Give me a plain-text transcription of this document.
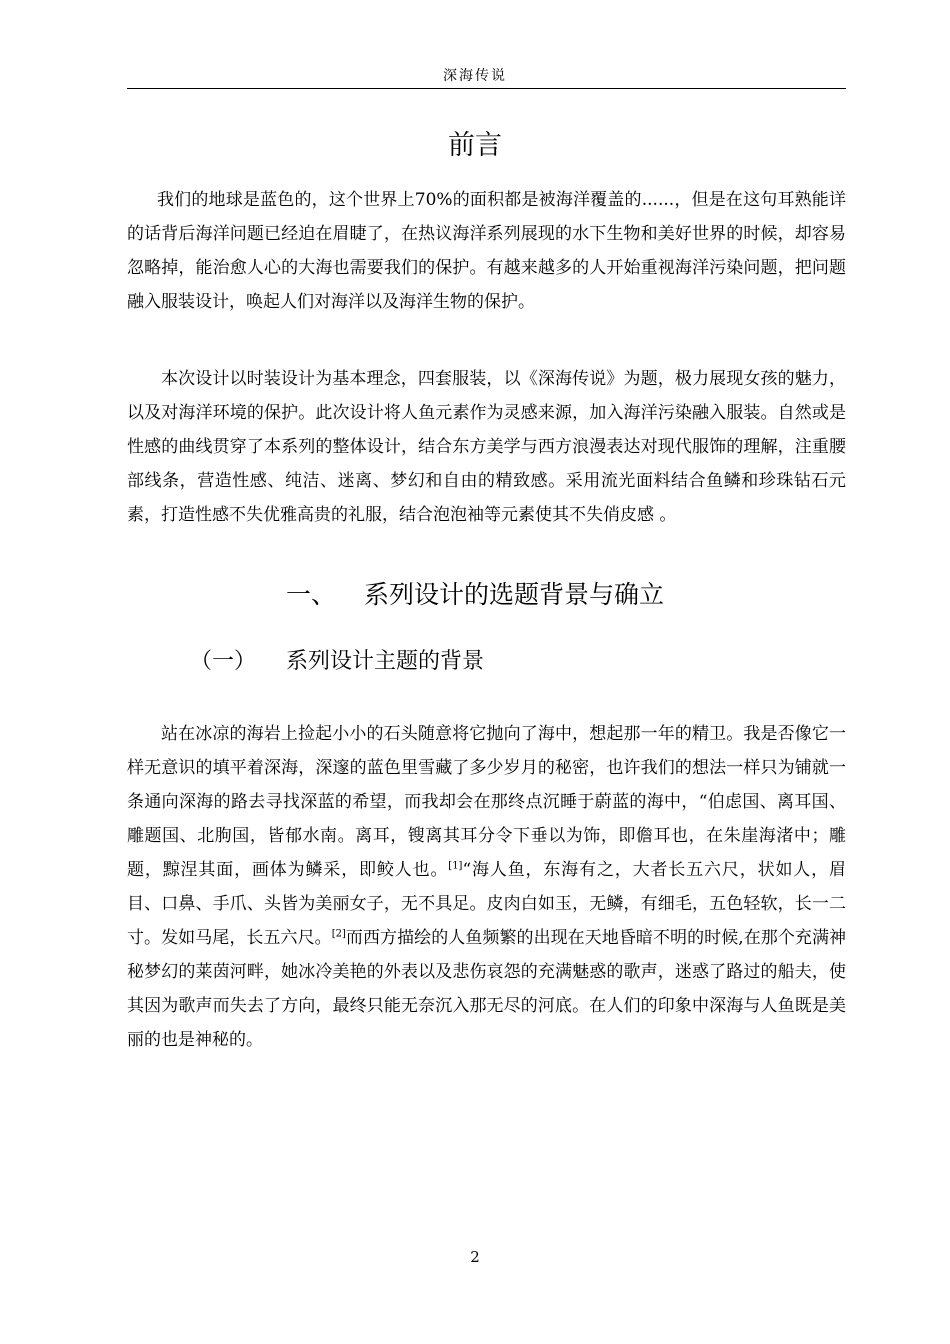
深海传说
前言

我们的地球是蓝色的，这个世界上70%的面积都是被海洋覆盖的......，但是在这句耳熟能详的话背后海洋问题已经迫在眉睫了，在热议海洋系列展现的水下生物和美好世界的时候，却容易忽略掉，能治愈人心的大海也需要我们的保护。有越来越多的人开始重视海洋污染问题，把问题融入服装设计，唤起人们对海洋以及海洋生物的保护。

本次设计以时装设计为基本理念，四套服装，以《深海传说》为题，极力展现女孩的魅力，以及对海洋环境的保护。此次设计将人鱼元素作为灵感来源，加入海洋污染融入服装。自然或是性感的曲线贯穿了本系列的整体设计，结合东方美学与西方浪漫表达对现代服饰的理解，注重腰部线条，营造性感、纯洁、迷离、梦幻和自由的精致感。采用流光面料结合鱼鳞和珍珠钻石元素，打造性感不失优雅高贵的礼服，结合泡泡袖等元素使其不失俏皮感 。

一、 系列设计的选题背景与确立
（一） 系列设计主题的背景

站在冰凉的海岩上捡起小小的石头随意将它抛向了海中，想起那一年的精卫。我是否像它一样无意识的填平着深海，深邃的蓝色里雪藏了多少岁月的秘密，也许我们的想法一样只为铺就一条通向深海的路去寻找深蓝的希望，而我却会在那终点沉睡于蔚蓝的海中，“伯虑国、离耳国、雕题国、北朐国，皆郁水南。离耳，锼离其耳分令下垂以为饰，即儋耳也，在朱崖海渚中；雕题，黥涅其面，画体为鳞采，即鲛人也。[1]“海人鱼，东海有之，大者长五六尺，状如人，眉目、口鼻、手爪、头皆为美丽女子，无不具足。皮肉白如玉，无鳞，有细毛，五色轻软，长一二寸。发如马尾，长五六尺。[2]而西方描绘的人鱼频繁的出现在天地昏暗不明的时候,在那个充满神秘梦幻的莱茵河畔，她冰冷美艳的外表以及悲伤哀怨的充满魅惑的歌声，迷惑了路过的船夫，使其因为歌声而失去了方向，最终只能无奈沉入那无尽的河底。在人们的印象中深海与人鱼既是美丽的也是神秘的。

2
